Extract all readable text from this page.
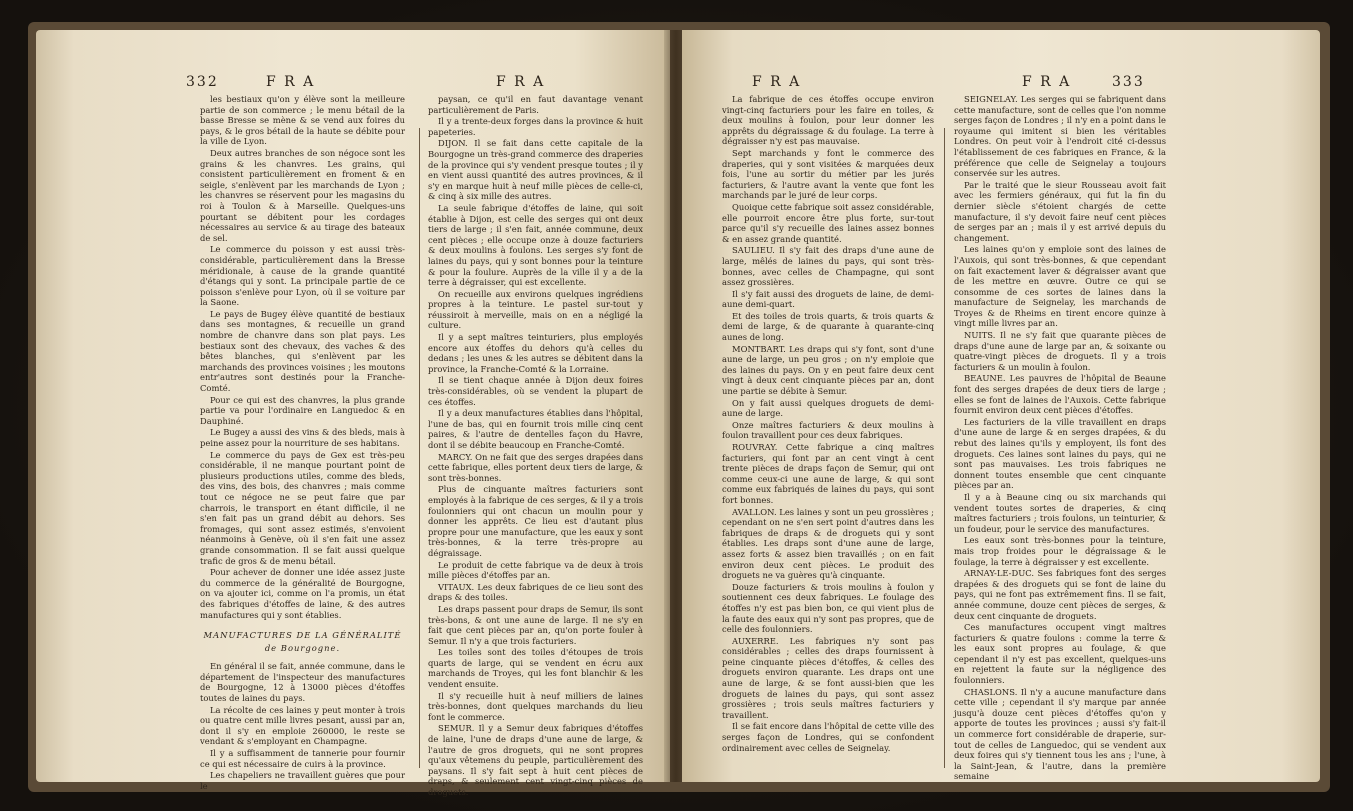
332	F R A	F R A

les bestiaux qu'on y élève sont la meilleure partie de son commerce ; le menu bétail de la basse Bresse se mène & se vend aux foires du pays, & le gros bétail de la haute se débite pour la ville de Lyon.

Deux autres branches de son négoce sont les grains & les chanvres. Les grains, qui consistent particulièrement en froment & en seigle, s'enlèvent par les marchands de Lyon ; les chanvres se réservent pour les magasins du roi à Toulon & à Marseille. Quelques-uns pourtant se débitent pour les cordages nécessaires au service & au tirage des bateaux de sel.

Le commerce du poisson y est aussi très-considérable, particulièrement dans la Bresse méridionale, à cause de la grande quantité d'étangs qui y sont. La principale partie de ce poisson s'enlève pour Lyon, où il se voiture par la Saone.

Le pays de Bugey élève quantité de bestiaux dans ses montagnes, & recueille un grand nombre de chanvre dans son plat pays. Les bestiaux sont des chevaux, des vaches & des bêtes blanches, qui s'enlèvent par les marchands des provinces voisines ; les moutons entr'autres sont destinés pour la Franche-Comté.

Pour ce qui est des chanvres, la plus grande partie va pour l'ordinaire en Languedoc & en Dauphiné.

Le Bugey a aussi des vins & des bleds, mais à peine assez pour la nourriture de ses habitans.

Le commerce du pays de Gex est très-peu considérable, il ne manque pourtant point de plusieurs productions utiles, comme des bleds, des vins, des bois, des chanvres ; mais comme tout ce négoce ne se peut faire que par charrois, le transport en étant difficile, il ne s'en fait pas un grand débit au dehors. Ses fromages, qui sont assez estimés, s'envoient néanmoins à Genève, où il s'en fait une assez grande consommation. Il se fait aussi quelque trafic de gros & de menu bétail.

Pour achever de donner une idée assez juste du commerce de la généralité de Bourgogne, on va ajouter ici, comme on l'a promis, un état des fabriques d'étoffes de laine, & des autres manufactures qui y sont établies.

MANUFACTURES DE LA GÉNÉRALITÉ

de Bourgogne.

En général il se fait, année commune, dans le département de l'inspecteur des manufactures de Bourgogne, 12 à 13000 pièces d'étoffes toutes de laines du pays.

La récolte de ces laines y peut monter à trois ou quatre cent mille livres pesant, aussi par an, dont il s'y en emploie 260000, le reste se vendant & s'employant en Champagne.

Il y a suffisamment de tannerie pour fournir ce qui est nécessaire de cuirs à la province.

Les chapeliers ne travaillent guères que pour le

paysan, ce qu'il en faut davantage venant particulièrement de Paris.

Il y a trente-deux forges dans la province & huit papeteries.

DIJON. Il se fait dans cette capitale de la Bourgogne un très-grand commerce des draperies de la province qui s'y vendent presque toutes ; il y en vient aussi quantité des autres provinces, & il s'y en marque huit à neuf mille pièces de celle-ci, & cinq à six mille des autres.

La seule fabrique d'étoffes de laine, qui soit établie à Dijon, est celle des serges qui ont deux tiers de large ; il s'en fait, année commune, deux cent pièces ; elle occupe onze à douze facturiers & deux moulins à foulons. Les serges s'y font de laines du pays, qui y sont bonnes pour la teinture & pour la foulure. Auprès de la ville il y a de la terre à dégraisser, qui est excellente.

On recueille aux environs quelques ingrédiens propres à la teinture. Le pastel sur-tout y réussiroit à merveille, mais on en a négligé la culture.

Il y a sept maîtres teinturiers, plus employés encore aux étoffes du dehors qu'à celles du dedans ; les unes & les autres se débitent dans la province, la Franche-Comté & la Lorraine.

Il se tient chaque année à Dijon deux foires très-considérables, où se vendent la plupart de ces étoffes.

Il y a deux manufactures établies dans l'hôpital, l'une de bas, qui en fournit trois mille cinq cent paires, & l'autre de dentelles façon du Havre, dont il se débite beaucoup en Franche-Comté.

MARCY. On ne fait que des serges drapées dans cette fabrique, elles portent deux tiers de large, & sont très-bonnes.

Plus de cinquante maîtres facturiers sont employés à la fabrique de ces serges, & il y a trois foulonniers qui ont chacun un moulin pour y donner les apprêts. Ce lieu est d'autant plus propre pour une manufacture, que les eaux y sont très-bonnes, & la terre très-propre au dégraissage.

Le produit de cette fabrique va de deux à trois mille pièces d'étoffes par an.

VITAUX. Les deux fabriques de ce lieu sont des draps & des toiles.

Les draps passent pour draps de Semur, ils sont très-bons, & ont une aune de large. Il ne s'y en fait que cent pièces par an, qu'on porte fouler à Semur. Il n'y a que trois facturiers.

Les toiles sont des toiles d'étoupes de trois quarts de large, qui se vendent en écru aux marchands de Troyes, qui les font blanchir & les vendent ensuite.

Il s'y recueille huit à neuf milliers de laines très-bonnes, dont quelques marchands du lieu font le commerce.

SEMUR. Il y a Semur deux fabriques d'étoffes de laine, l'une de draps d'une aune de large, & l'autre de gros droguets, qui ne sont propres qu'aux vêtemens du peuple, particulièrement des paysans. Il s'y fait sept à huit cent pièces de draps, & seulement cent vingt-cinq pièces de droguets.

F R A	F R A	333

La fabrique de ces étoffes occupe environ vingt-cinq facturiers pour les faire en toiles, & deux moulins à foulon, pour leur donner les apprêts du dégraissage & du foulage. La terre à dégraisser n'y est pas mauvaise.

Sept marchands y font le commerce des draperies, qui y sont visitées & marquées deux fois, l'une au sortir du métier par les jurés facturiers, & l'autre avant la vente que font les marchands par le juré de leur corps.

Quoique cette fabrique soit assez considérable, elle pourroit encore être plus forte, sur-tout parce qu'il s'y recueille des laines assez bonnes & en assez grande quantité.

SAULIEU. Il s'y fait des draps d'une aune de large, mêlés de laines du pays, qui sont très-bonnes, avec celles de Champagne, qui sont assez grossières.

Il s'y fait aussi des droguets de laine, de demi-aune demi-quart.

Et des toiles de trois quarts, & trois quarts & demi de large, & de quarante à quarante-cinq aunes de long.

MONTBART. Les draps qui s'y font, sont d'une aune de large, un peu gros ; on n'y emploie que des laines du pays. On y en peut faire deux cent vingt à deux cent cinquante pièces par an, dont une partie se débite à Semur.

On y fait aussi quelques droguets de demi-aune de large.

Onze maîtres facturiers & deux moulins à foulon travaillent pour ces deux fabriques.

ROUVRAY. Cette fabrique a cinq maîtres facturiers, qui font par an cent vingt à cent trente pièces de draps façon de Semur, qui ont comme ceux-ci une aune de large, & qui sont comme eux fabriqués de laines du pays, qui sont fort bonnes.

AVALLON. Les laines y sont un peu grossières ; cependant on ne s'en sert point d'autres dans les fabriques de draps & de droguets qui y sont établies. Les draps sont d'une aune de large, assez forts & assez bien travaillés ; on en fait environ deux cent pièces. Le produit des droguets ne va guères qu'à cinquante.

Douze facturiers & trois moulins à foulon y soutiennent ces deux fabriques. Le foulage des étoffes n'y est pas bien bon, ce qui vient plus de la faute des eaux qui n'y sont pas propres, que de celle des foulonniers.

AUXERRE. Les fabriques n'y sont pas considérables ; celles des draps fournissent à peine cinquante pièces d'étoffes, & celles des droguets environ quarante. Les draps ont une aune de large, & se font aussi-bien que les droguets de laines du pays, qui sont assez grossières ; trois seuls maîtres facturiers y travaillent.

Il se fait encore dans l'hôpital de cette ville des serges façon de Londres, qui se confondent ordinairement avec celles de Seignelay.

SEIGNELAY. Les serges qui se fabriquent dans cette manufacture, sont de celles que l'on nomme serges façon de Londres ; il n'y en a point dans le royaume qui imitent si bien les véritables Londres. On peut voir à l'endroit cité ci-dessus l'établissement de ces fabriques en France, & la préférence que celle de Seignelay a toujours conservée sur les autres.

Par le traité que le sieur Rousseau avoit fait avec les fermiers généraux, qui fut la fin du dernier siècle s'étoient chargés de cette manufacture, il s'y devoit faire neuf cent pièces de serges par an ; mais il y est arrivé depuis du changement.

Les laines qu'on y emploie sont des laines de l'Auxois, qui sont très-bonnes, & que cependant on fait exactement laver & dégraisser avant que de les mettre en œuvre. Outre ce qui se consomme de ces sortes de laines dans la manufacture de Seignelay, les marchands de Troyes & de Rheims en tirent encore quinze à vingt mille livres par an.

NUITS. Il ne s'y fait que quarante pièces de draps d'une aune de large par an, & soixante ou quatre-vingt pièces de droguets. Il y a trois facturiers & un moulin à foulon.

BEAUNE. Les pauvres de l'hôpital de Beaune font des serges drapées de deux tiers de large ; elles se font de laines de l'Auxois. Cette fabrique fournit environ deux cent pièces d'étoffes.

Les facturiers de la ville travaillent en draps d'une aune de large & en serges drapées, & du rebut des laines qu'ils y employent, ils font des droguets. Ces laines sont laines du pays, qui ne sont pas mauvaises. Les trois fabriques ne donnent toutes ensemble que cent cinquante pièces par an.

Il y a à Beaune cinq ou six marchands qui vendent toutes sortes de draperies, & cinq maîtres facturiers ; trois foulons, un teinturier, & un foudeur, pour le service des manufactures.

Les eaux sont très-bonnes pour la teinture, mais trop froides pour le dégraissage & le foulage, la terre à dégraisser y est excellente.

ARNAY-LE-DUC. Ses fabriques font des serges drapées & des droguets qui se font de laine du pays, qui ne font pas extrêmement fins. Il se fait, année commune, douze cent pièces de serges, & deux cent cinquante de droguets.

Ces manufactures occupent vingt maîtres facturiers & quatre foulons : comme la terre & les eaux sont propres au foulage, & que cependant il n'y est pas excellent, quelques-uns en rejettent la faute sur la négligence des foulonniers.

CHASLONS. Il n'y a aucune manufacture dans cette ville ; cependant il s'y marque par année jusqu'à douze cent pièces d'étoffes qu'on y apporte de toutes les provinces ; aussi s'y fait-il un commerce fort considérable de draperie, sur-tout de celles de Languedoc, qui se vendent aux deux foires qui s'y tiennent tous les ans ; l'une, à la Saint-Jean, & l'autre, dans la première semaine
